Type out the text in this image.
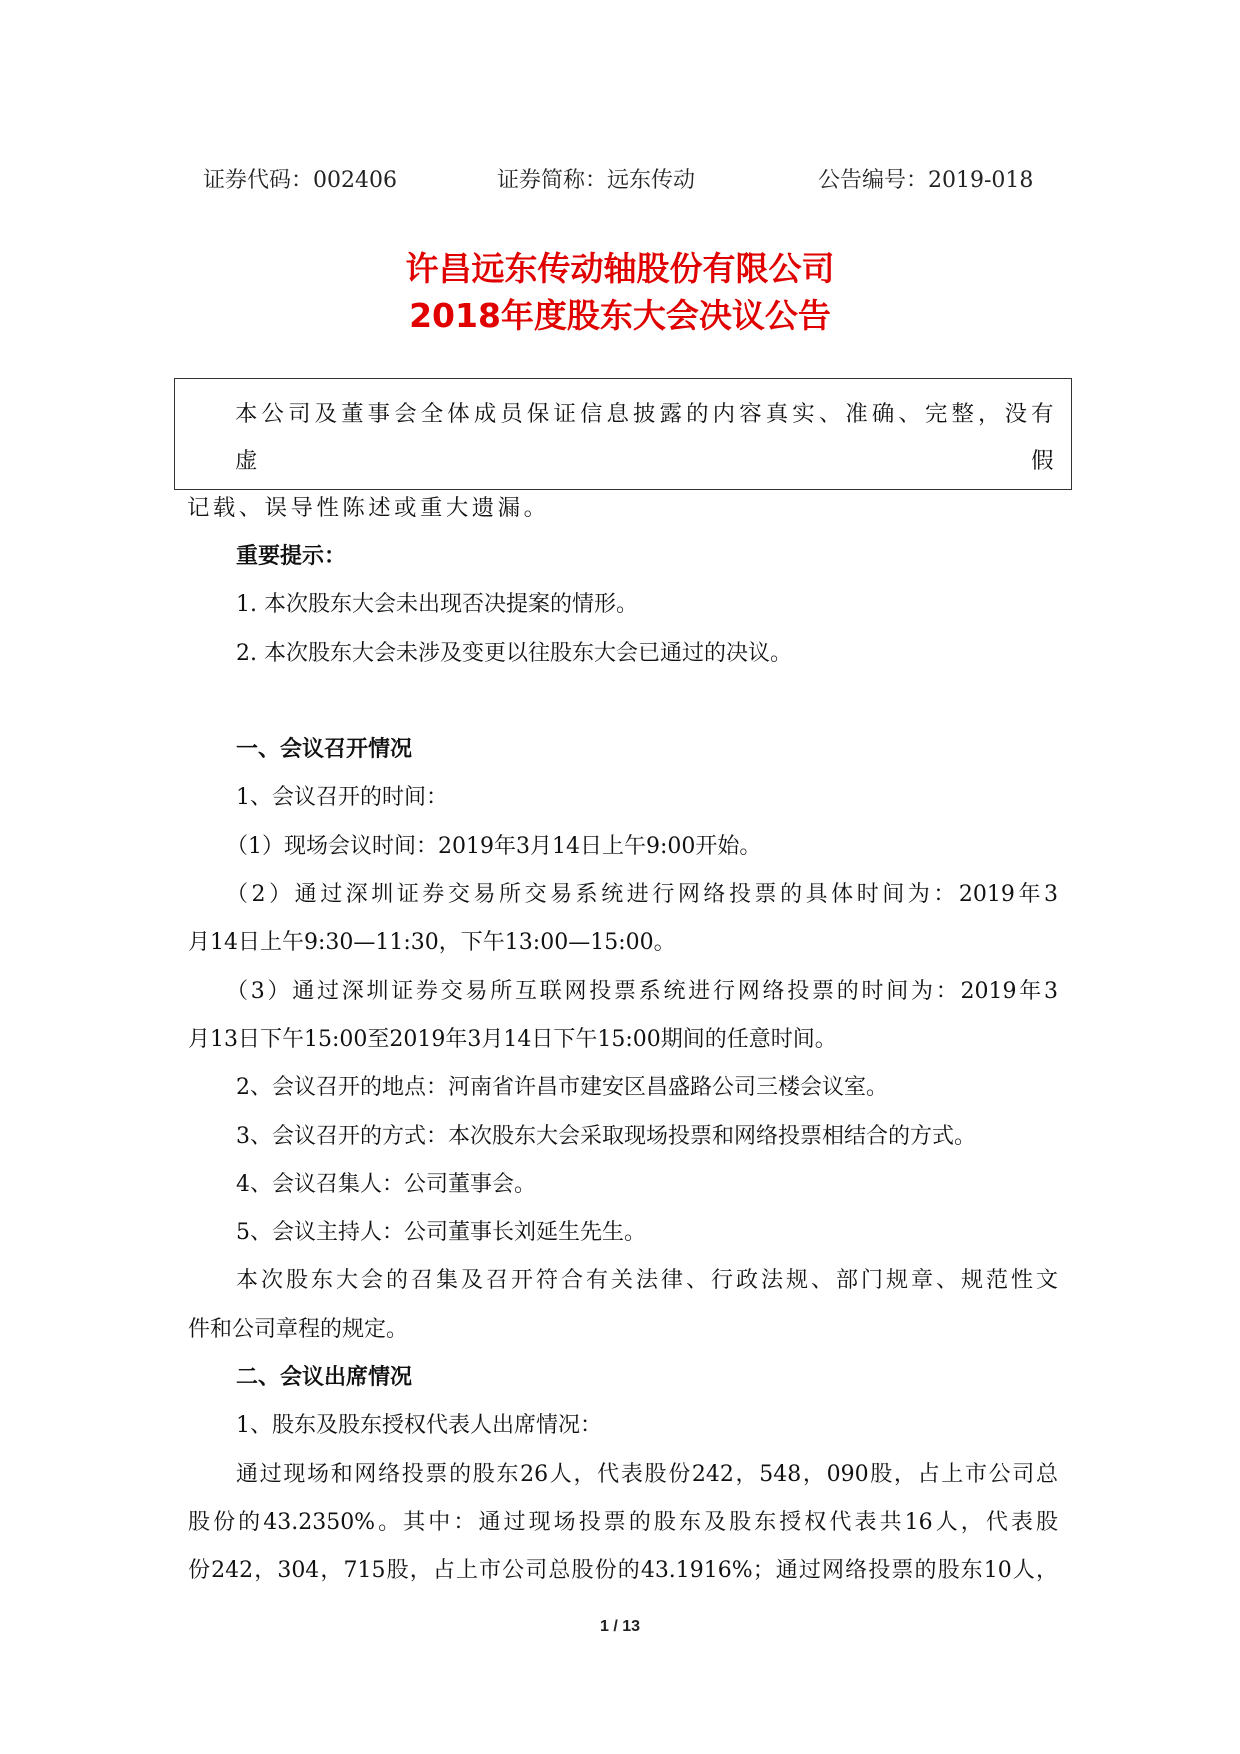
证券代码：002406	证券简称：远东传动	公告编号：2019-018
许昌远东传动轴股份有限公司
2018年度股东大会决议公告
本公司及董事会全体成员保证信息披露的内容真实、准确、完整，没有虚假
记载、误导性陈述或重大遗漏。
重要提示：
1. 本次股东大会未出现否决提案的情形。
2. 本次股东大会未涉及变更以往股东大会已通过的决议。
一、会议召开情况
1、会议召开的时间：
（1）现场会议时间：2019年3月14日上午9:00开始。
（2）通过深圳证券交易所交易系统进行网络投票的具体时间为：2019年3
月14日上午9:30—11:30，下午13:00—15:00。
（3）通过深圳证券交易所互联网投票系统进行网络投票的时间为：2019年3
月13日下午15:00至2019年3月14日下午15:00期间的任意时间。
2、会议召开的地点：河南省许昌市建安区昌盛路公司三楼会议室。
3、会议召开的方式：本次股东大会采取现场投票和网络投票相结合的方式。
4、会议召集人：公司董事会。
5、会议主持人：公司董事长刘延生先生。
本次股东大会的召集及召开符合有关法律、行政法规、部门规章、规范性文
件和公司章程的规定。
二、会议出席情况
1、股东及股东授权代表人出席情况：
通过现场和网络投票的股东26人，代表股份242，548，090股，占上市公司总
股份的43.2350%。其中：通过现场投票的股东及股东授权代表共16人，代表股
份242，304，715股，占上市公司总股份的43.1916%；通过网络投票的股东10人，
1 / 13
